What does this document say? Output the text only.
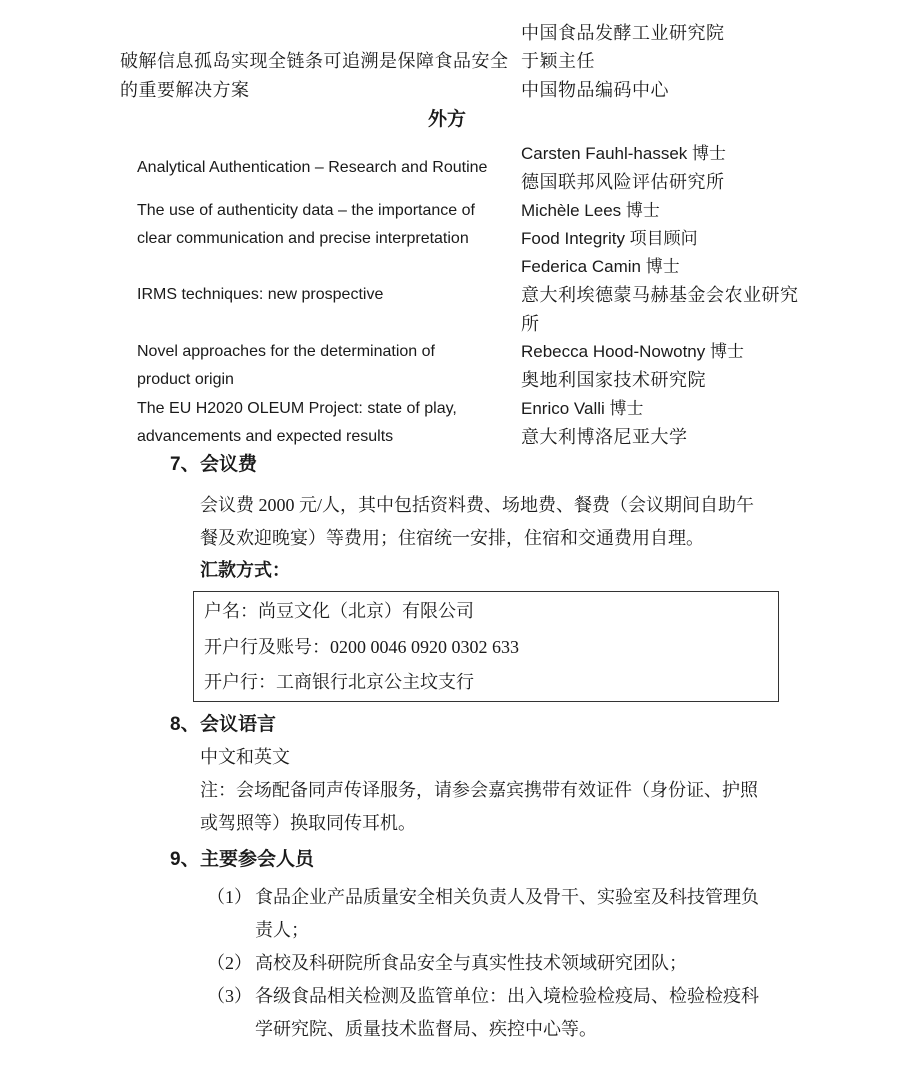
破解信息孤岛实现全链条可追溯是保障食品安全
的重要解决方案
中国食品发酵工业研究院
于颖主任
中国物品编码中心
外方
Analytical Authentication – Research and Routine
Carsten Fauhl-hassek 博士
德国联邦风险评估研究所
The use of authenticity data – the importance of
clear communication and precise interpretation
Michèle Lees 博士
Food Integrity 项目顾问
IRMS techniques: new prospective
Federica Camin 博士
意大利埃德蒙马赫基金会农业研究
所
Novel approaches for the determination of
product origin
Rebecca Hood-Nowotny 博士
奥地利国家技术研究院
The EU H2020 OLEUM Project: state of play,
advancements and expected results
Enrico Valli 博士
意大利博洛尼亚大学
7、 会议费
会议费 2000 元/人，其中包括资料费、场地费、餐费（会议期间自助午
餐及欢迎晚宴）等费用；住宿统一安排，住宿和交通费用自理。
汇款方式：
户名：尚豆文化（北京）有限公司
开户行及账号：0200 0046 0920 0302 633
开户行：工商银行北京公主坟支行
8、 会议语言
中文和英文
注：会场配备同声传译服务，请参会嘉宾携带有效证件（身份证、护照
或驾照等）换取同传耳机。
9、 主要参会人员
（1） 食品企业产品质量安全相关负责人及骨干、实验室及科技管理负
责人；
（2） 高校及科研院所食品安全与真实性技术领域研究团队；
（3） 各级食品相关检测及监管单位：出入境检验检疫局、检验检疫科
学研究院、质量技术监督局、疾控中心等。
